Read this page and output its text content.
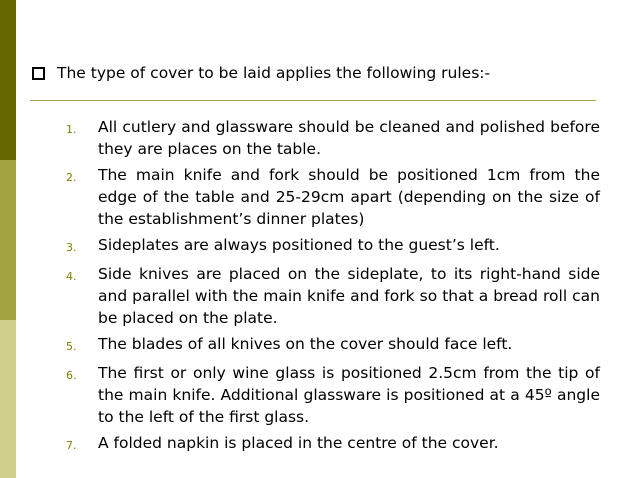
The type of cover to be laid applies the following rules:-
1.	All cutlery and glassware should be cleaned and polished before they are places on the table.
2.	The main knife and fork should be positioned 1cm from the edge of the table and 25-29cm apart (depending on the size of the establishment’s dinner plates)
3.	Sideplates are always positioned to the guest’s left.
4.	Side knives are placed on the sideplate, to its right-hand side and parallel with the main knife and fork so that a bread roll can be placed on the plate.
5.	The blades of all knives on the cover should face left.
6.	The first or only wine glass is positioned 2.5cm from the tip of the main knife. Additional glassware is positioned at a 45º angle to the left of the first glass.
7.	A folded napkin is placed in the centre of the cover.
